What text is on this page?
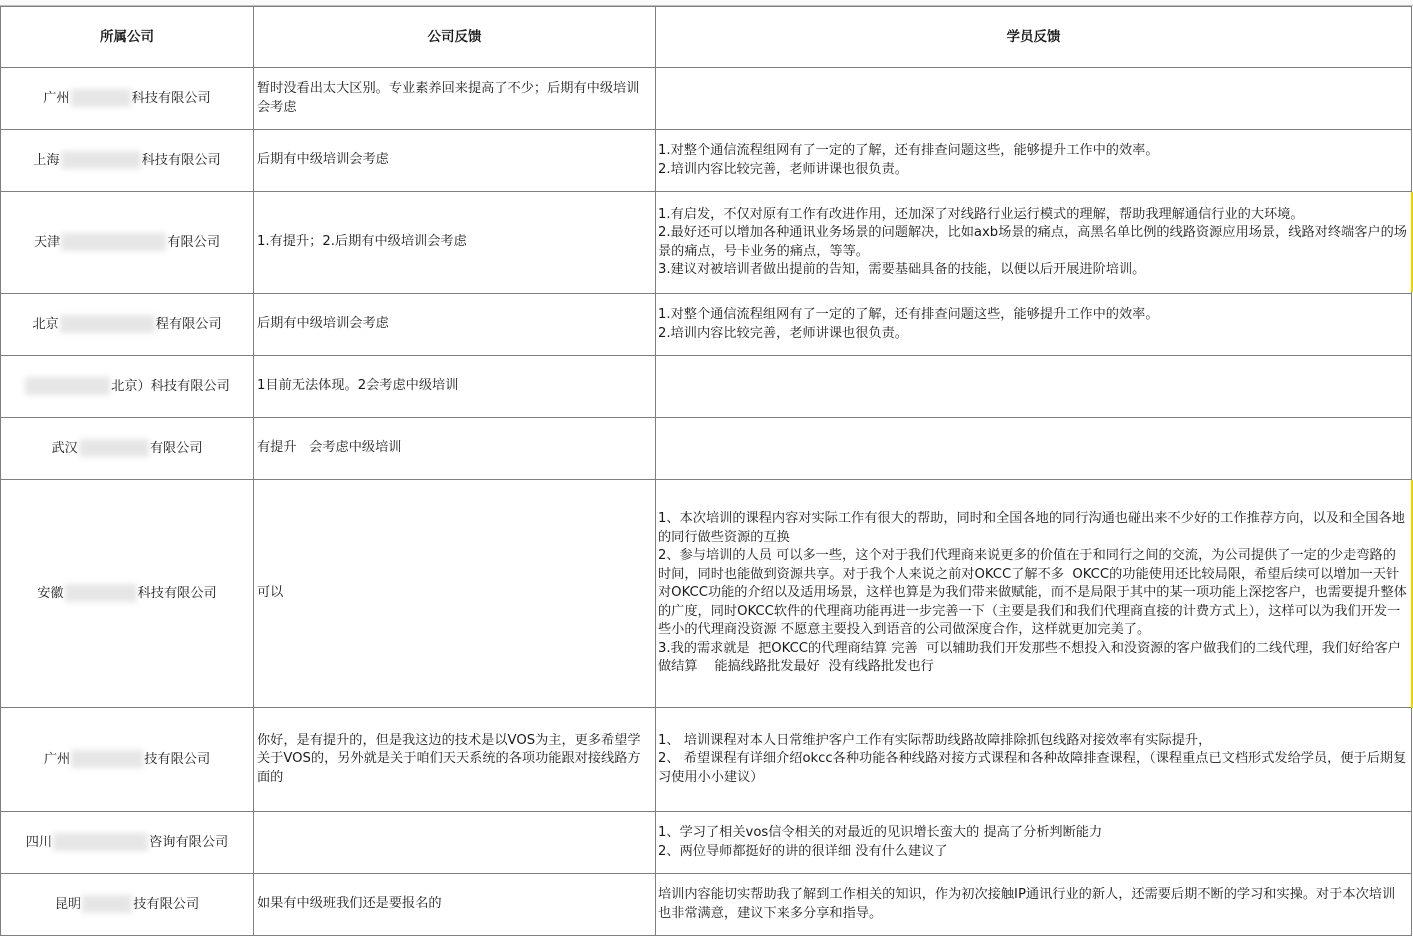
所属公司	公司反馈	学员反馈
广州 科技有限公司	暂时没看出太大区别。专业素养回来提高了不少；后期有中级培训会考虑	

上海 科技有限公司	后期有中级培训会考虑	1.对整个通信流程组网有了一定的了解，还有排查问题这些，能够提升工作中的效率。
2.培训内容比较完善，老师讲课也很负责。

天津 有限公司	1.有提升；2.后期有中级培训会考虑	1.有启发，不仅对原有工作有改进作用，还加深了对线路行业运行模式的理解，帮助我理解通信行业的大环境。
2.最好还可以增加各种通讯业务场景的问题解决，比如axb场景的痛点，高黑名单比例的线路资源应用场景，线路对终端客户的场景的痛点，号卡业务的痛点，等等。
3.建议对被培训者做出提前的告知，需要基础具备的技能，以便以后开展进阶培训。

北京 程有限公司	后期有中级培训会考虑	1.对整个通信流程组网有了一定的了解，还有排查问题这些，能够提升工作中的效率。
2.培训内容比较完善，老师讲课也很负责。

北京）科技有限公司	1目前无法体现。2会考虑中级培训	

武汉 有限公司	有提升   会考虑中级培训	

安徽 科技有限公司	可以	1、本次培训的课程内容对实际工作有很大的帮助，同时和全国各地的同行沟通也碰出来不少好的工作推荐方向，以及和全国各地的同行做些资源的互换
2、参与培训的人员 可以多一些，这个对于我们代理商来说更多的价值在于和同行之间的交流，为公司提供了一定的少走弯路的时间，同时也能做到资源共享。对于我个人来说之前对OKCC了解不多  OKCC的功能使用还比较局限，希望后续可以增加一天针对OKCC功能的介绍以及适用场景，这样也算是为我们带来做赋能，而不是局限于其中的某一项功能上深挖客户，也需要提升整体的广度，同时OKCC软件的代理商功能再进一步完善一下（主要是我们和我们代理商直接的计费方式上），这样可以为我们开发一些小的代理商没资源 不愿意主要投入到语音的公司做深度合作，这样就更加完美了。
3.我的需求就是  把OKCC的代理商结算 完善  可以辅助我们开发那些不想投入和没资源的客户做我们的二线代理，我们好给客户做结算    能搞线路批发最好  没有线路批发也行

广州 技有限公司	你好，是有提升的，但是我这边的技术是以VOS为主，更多希望学关于VOS的，另外就是关于咱们天天系统的各项功能跟对接线路方面的	1、 培训课程对本人日常维护客户工作有实际帮助线路故障排除抓包线路对接效率有实际提升，
2、 希望课程有详细介绍okcc各种功能各种线路对接方式课程和各种故障排查课程，（课程重点已文档形式发给学员，便于后期复习使用小小建议）

四川 咨询有限公司		1、学习了相关vos信令相关的对最近的见识增长蛮大的 提高了分析判断能力
2、两位导师都挺好的讲的很详细 没有什么建议了

昆明 技有限公司	如果有中级班我们还是要报名的	培训内容能切实帮助我了解到工作相关的知识，作为初次接触IP通讯行业的新人，还需要后期不断的学习和实操。对于本次培训也非常满意，建议下来多分享和指导。
